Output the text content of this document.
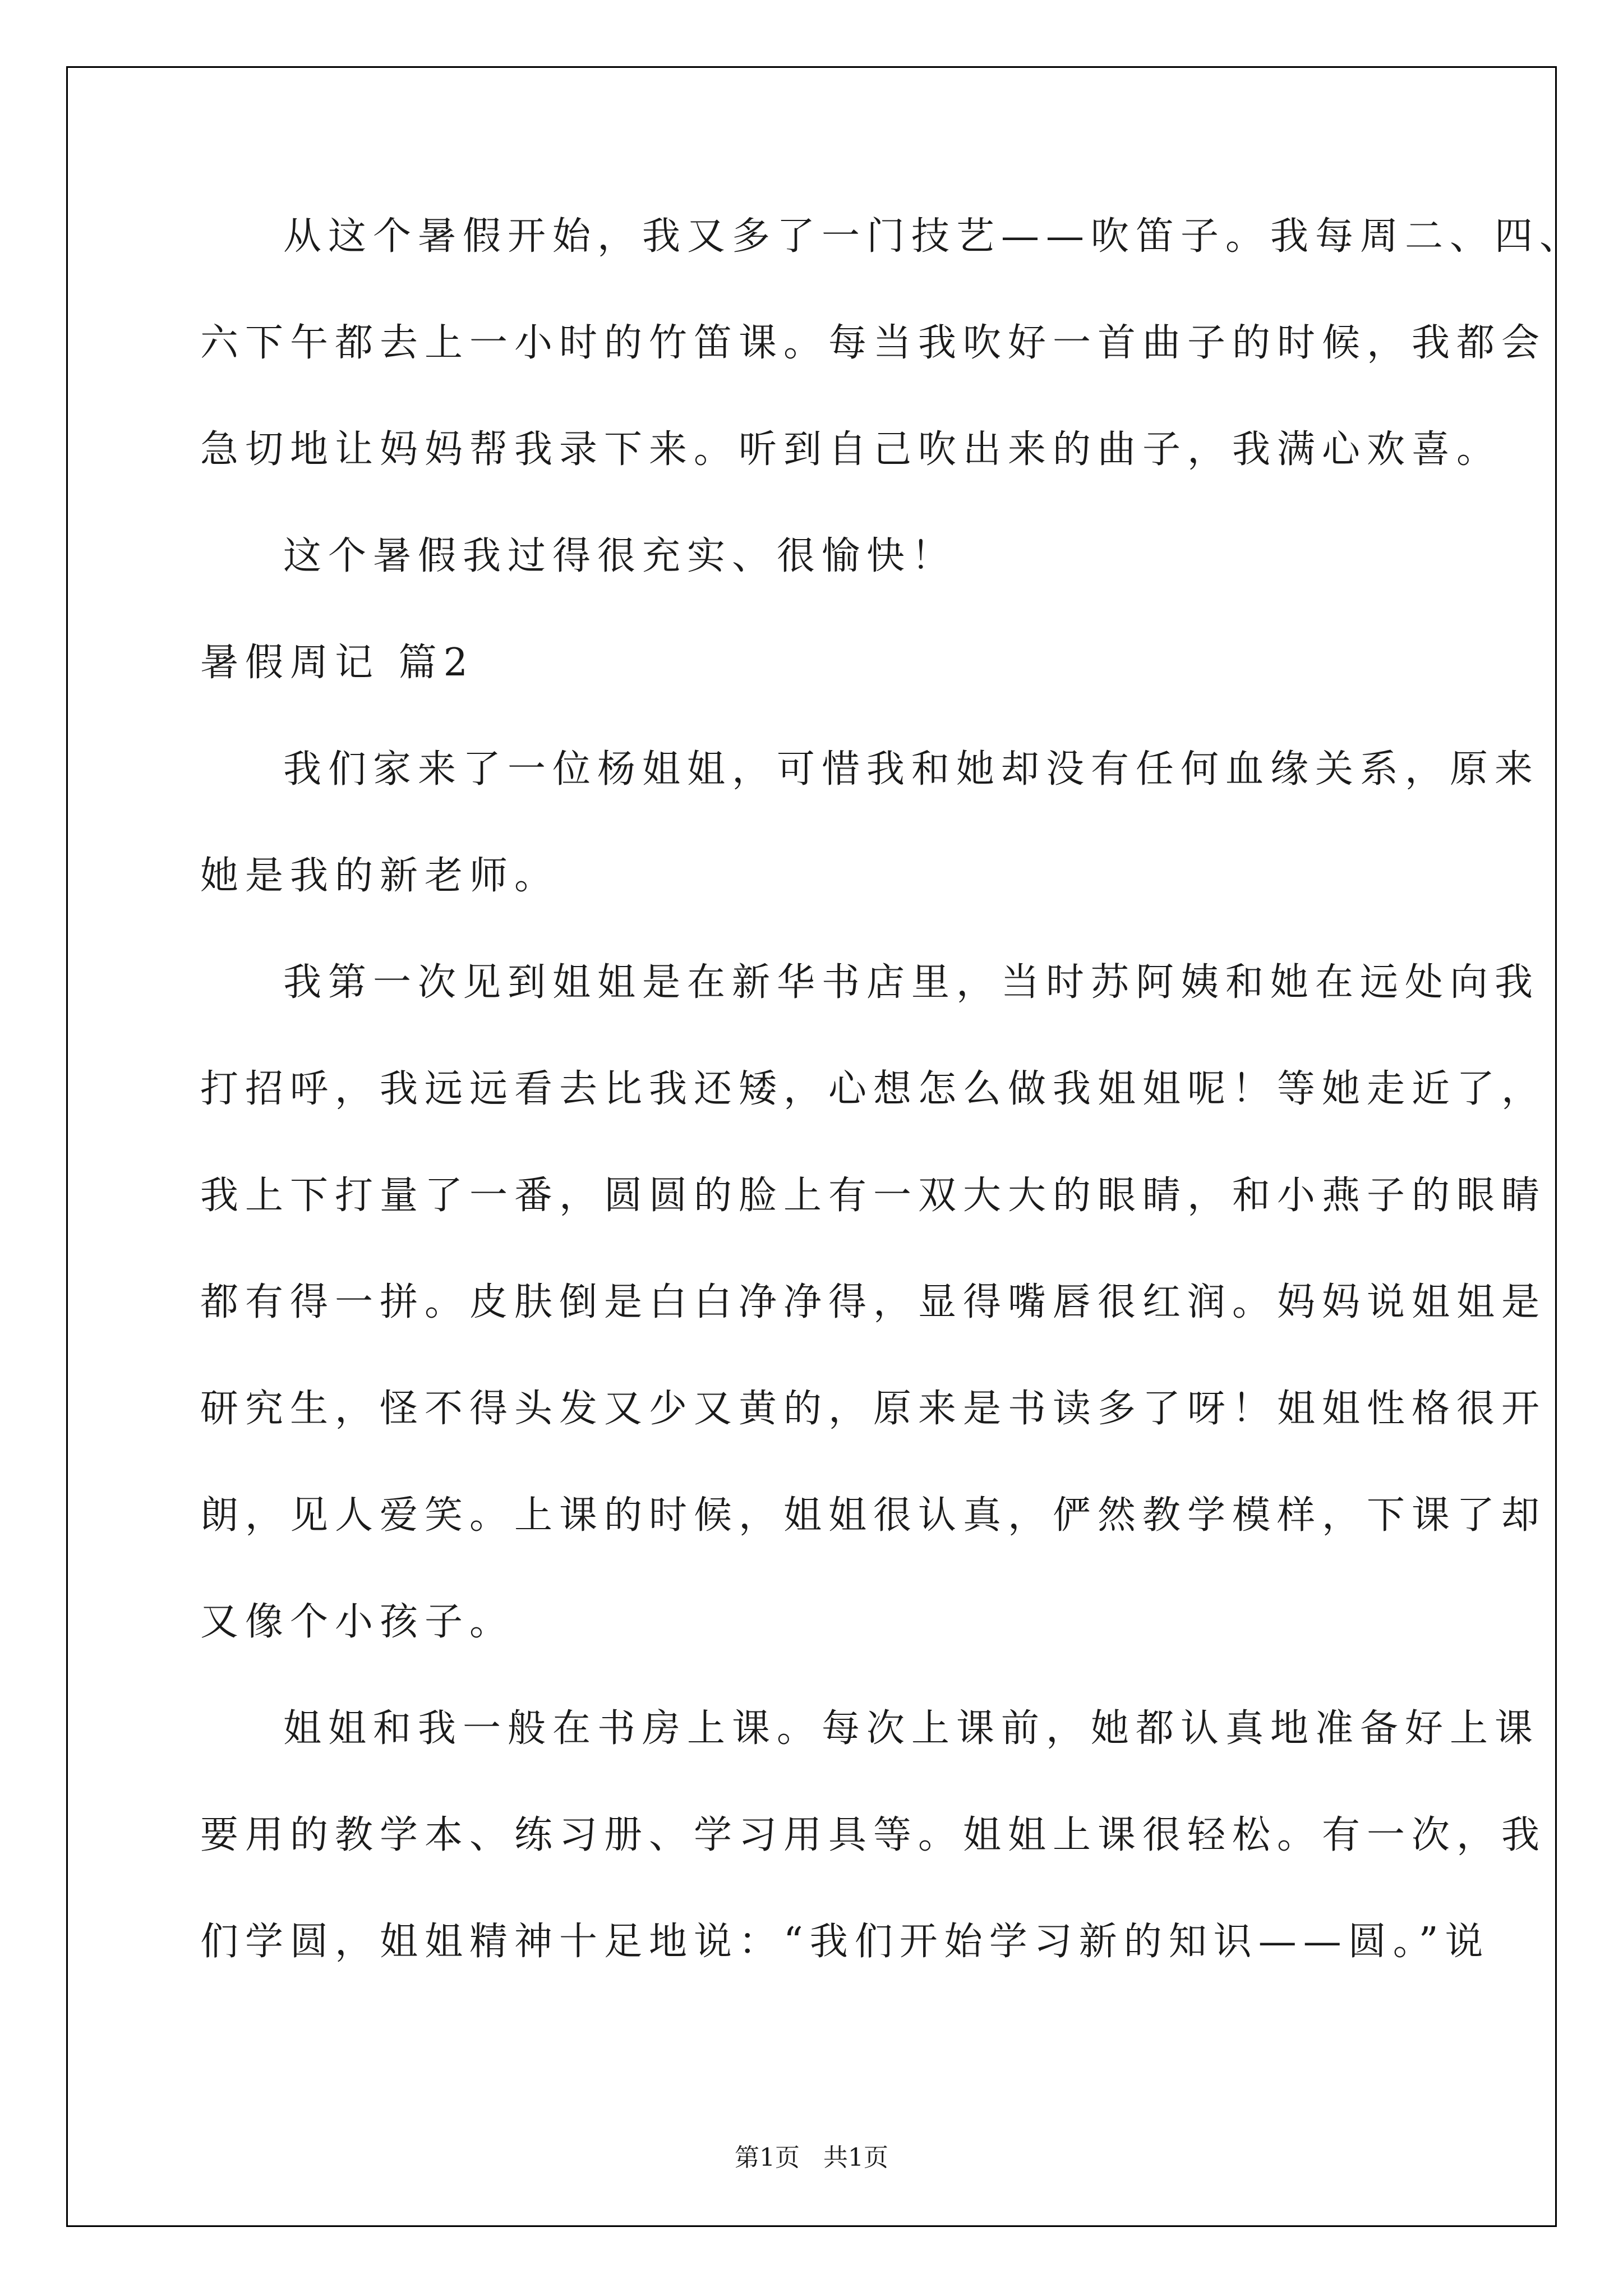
从这个暑假开始，我又多了一门技艺——吹笛子。我每周二、四、
六下午都去上一小时的竹笛课。每当我吹好一首曲子的时候，我都会
急切地让妈妈帮我录下来。听到自己吹出来的曲子，我满心欢喜。
这个暑假我过得很充实、很愉快！
暑假周记 篇2
我们家来了一位杨姐姐，可惜我和她却没有任何血缘关系，原来
她是我的新老师。
我第一次见到姐姐是在新华书店里，当时苏阿姨和她在远处向我
打招呼，我远远看去比我还矮，心想怎么做我姐姐呢！等她走近了，
我上下打量了一番，圆圆的脸上有一双大大的眼睛，和小燕子的眼睛
都有得一拼。皮肤倒是白白净净得，显得嘴唇很红润。妈妈说姐姐是
研究生，怪不得头发又少又黄的，原来是书读多了呀！姐姐性格很开
朗，见人爱笑。上课的时候，姐姐很认真，俨然教学模样，下课了却
又像个小孩子。
姐姐和我一般在书房上课。每次上课前，她都认真地准备好上课
要用的教学本、练习册、学习用具等。姐姐上课很轻松。有一次，我
们学圆，姐姐精神十足地说：“我们开始学习新的知识——圆。”说
第1页   共1页
